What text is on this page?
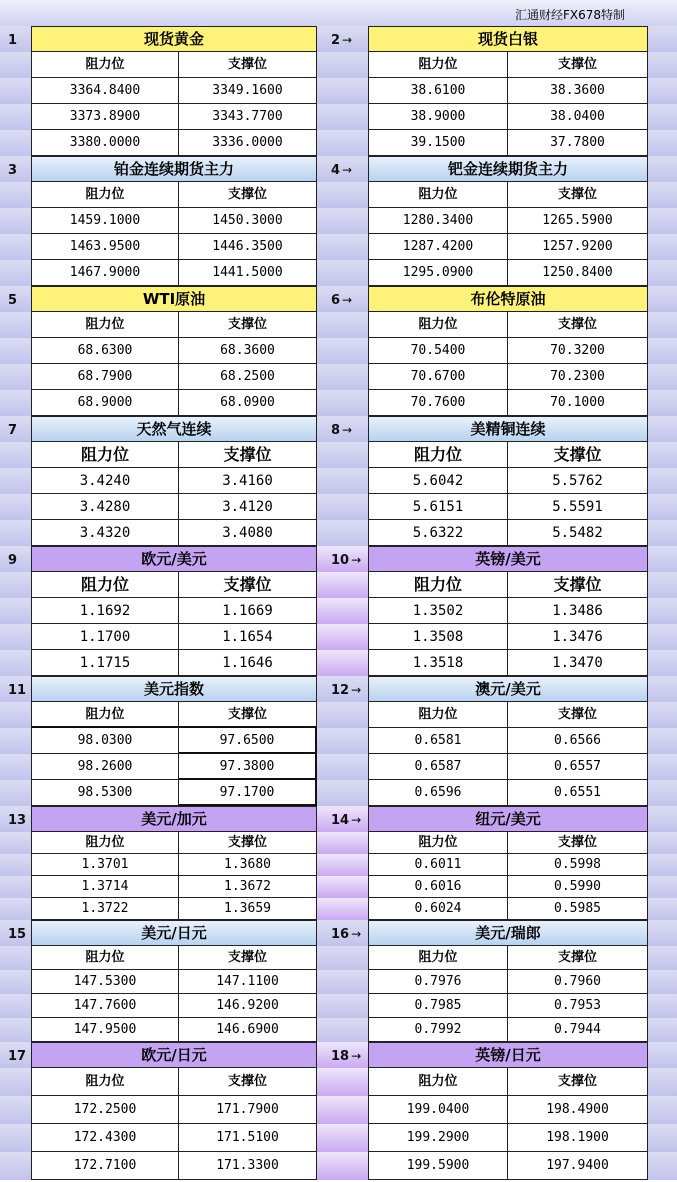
汇通财经FX678特制
1	2 →
现货黄金	现货白银
阻力位	支撑位	阻力位	支撑位
3364.8400	3349.1600	38.6100	38.3600
3373.8900	3343.7700	38.9000	38.0400
3380.0000	3336.0000	39.1500	37.7800
3	4 →
铂金连续期货主力	钯金连续期货主力
阻力位	支撑位	阻力位	支撑位
1459.1000	1450.3000	1280.3400	1265.5900
1463.9500	1446.3500	1287.4200	1257.9200
1467.9000	1441.5000	1295.0900	1250.8400
5	6 →
WTI原油	布伦特原油
阻力位	支撑位	阻力位	支撑位
68.6300	68.3600	70.5400	70.3200
68.7900	68.2500	70.6700	70.2300
68.9000	68.0900	70.7600	70.1000
7	8 →
天然气连续	美精铜连续
阻力位	支撑位	阻力位	支撑位
3.4240	3.4160	5.6042	5.5762
3.4280	3.4120	5.6151	5.5591
3.4320	3.4080	5.6322	5.5482
9	10 →
欧元/美元	英镑/美元
阻力位	支撑位	阻力位	支撑位
1.1692	1.1669	1.3502	1.3486
1.1700	1.1654	1.3508	1.3476
1.1715	1.1646	1.3518	1.3470
11	12 →
美元指数	澳元/美元
阻力位	支撑位	阻力位	支撑位
98.0300	97.6500	0.6581	0.6566
98.2600	97.3800	0.6587	0.6557
98.5300	97.1700	0.6596	0.6551
13	14 →
美元/加元	纽元/美元
阻力位	支撑位	阻力位	支撑位
1.3701	1.3680	0.6011	0.5998
1.3714	1.3672	0.6016	0.5990
1.3722	1.3659	0.6024	0.5985
15	16 →
美元/日元	美元/瑞郎
阻力位	支撑位	阻力位	支撑位
147.5300	147.1100	0.7976	0.7960
147.7600	146.9200	0.7985	0.7953
147.9500	146.6900	0.7992	0.7944
17	18 →
欧元/日元	英镑/日元
阻力位	支撑位	阻力位	支撑位
172.2500	171.7900	199.0400	198.4900
172.4300	171.5100	199.2900	198.1900
172.7100	171.3300	199.5900	197.9400
